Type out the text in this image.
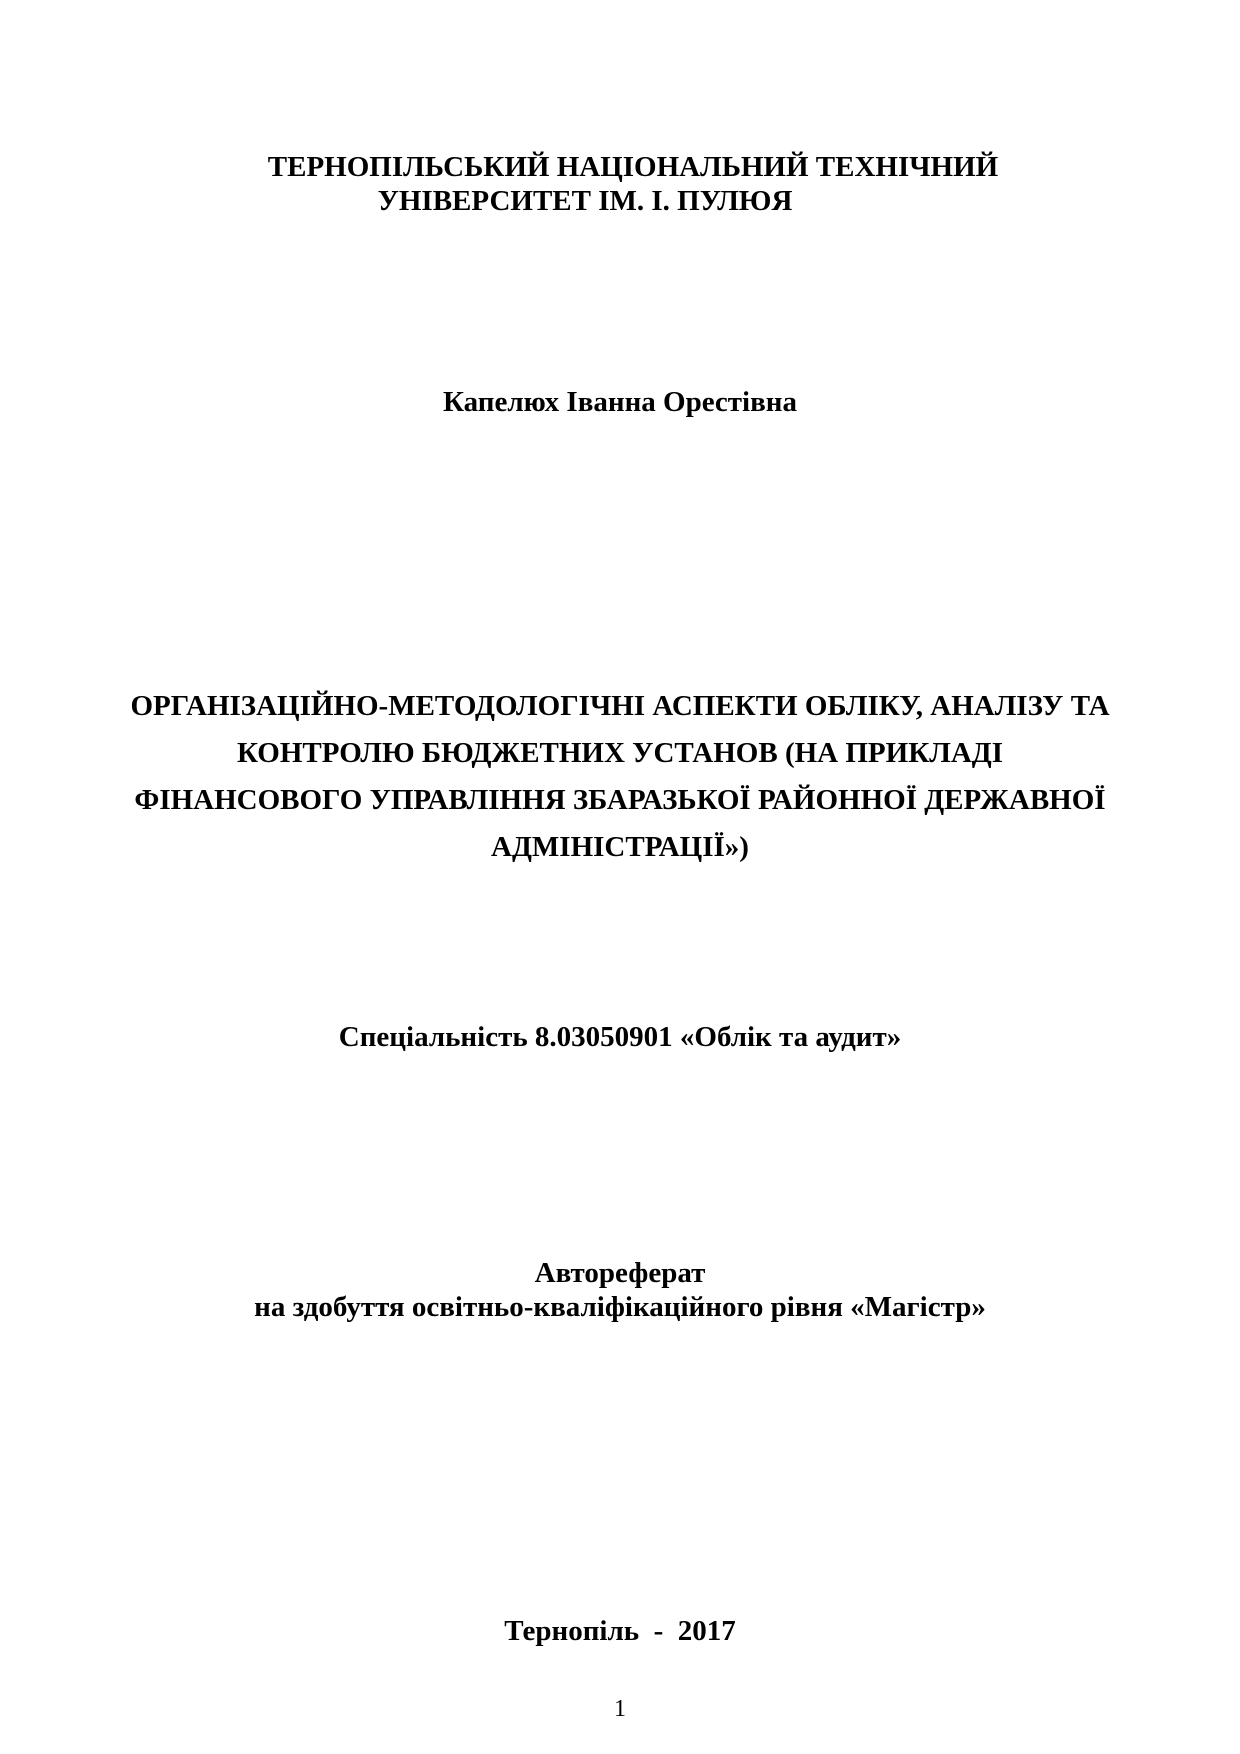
ТЕРНОПІЛЬСЬКИЙ НАЦІОНАЛЬНИЙ ТЕХНІЧНИЙ
УНІВЕРСИТЕТ ІМ. І. ПУЛЮЯ
Капелюх Іванна Орестівна
ОРГАНІЗАЦІЙНО-МЕТОДОЛОГІЧНІ АСПЕКТИ ОБЛІКУ, АНАЛІЗУ ТА
КОНТРОЛЮ БЮДЖЕТНИХ УСТАНОВ (НА ПРИКЛАДІ
ФІНАНСОВОГО УПРАВЛІННЯ ЗБАРАЗЬКОЇ РАЙОННОЇ ДЕРЖАВНОЇ
АДМІНІСТРАЦІЇ»)
Спеціальність 8.03050901 «Облік та аудит»
Автореферат
на здобуття освітньо-кваліфікаційного рівня «Магістр»
Тернопіль  -  2017
1
